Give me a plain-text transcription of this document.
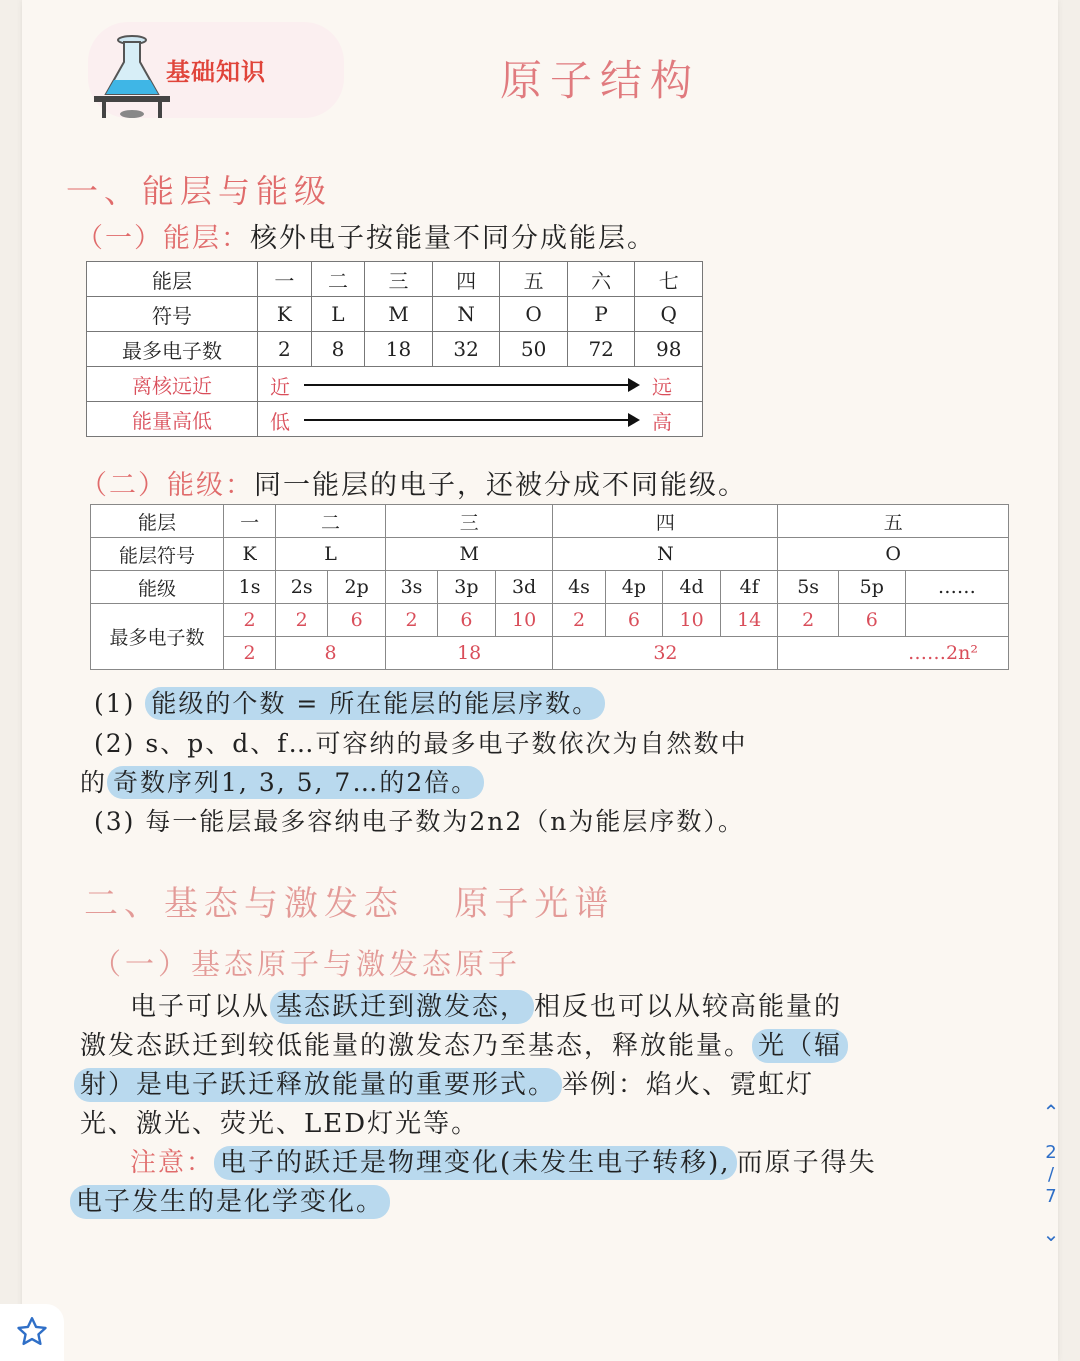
基础知识	原子结构
一、能层与能级
（一）能层：核外电子按能量不同分成能层。
能层	一	二	三	四	五	六	七
符号	K	L	M	N	O	P	Q
最多电子数	2	8	18	32	50	72	98
离核远近	近 远						

能量高低	低 高						
（二）能级：同一能层的电子，还被分成不同能级。
能层	一	二		三			四				五		
能层符号	K	L		M			N				O		
能级	1s	2s	2p	3s	3p	3d	4s	4p	4d	4f	5s	5p	……
最多电子数	2	2	6	2	6	10	2	6	10	14	2	6	
	2	8		18			32				……2n²		
(1) 能级的个数 = 所在能层的能层序数。
(2) s、p、d、f…可容纳的最多电子数依次为自然数中
的 奇数序列1, 3, 5, 7…的2倍。
(3) 每一能层最多容纳电子数为2n2（n为能层序数）。
二、基态与激发态   原子光谱
（一）基态原子与激发态原子
电子可以从 基态跃迁到激发态， 相反也可以从较高能量的
激发态跃迁到较低能量的激发态乃至基态，释放能量。 光（辐
射）是电子跃迁释放能量的重要形式。 举例：焰火、霓虹灯
光、激光、荧光、LED灯光等。
注意： 电子的跃迁是物理变化(未发生电子转移), 而原子得失
电子发生的是化学变化。
⌃
2
/
7
⌄
